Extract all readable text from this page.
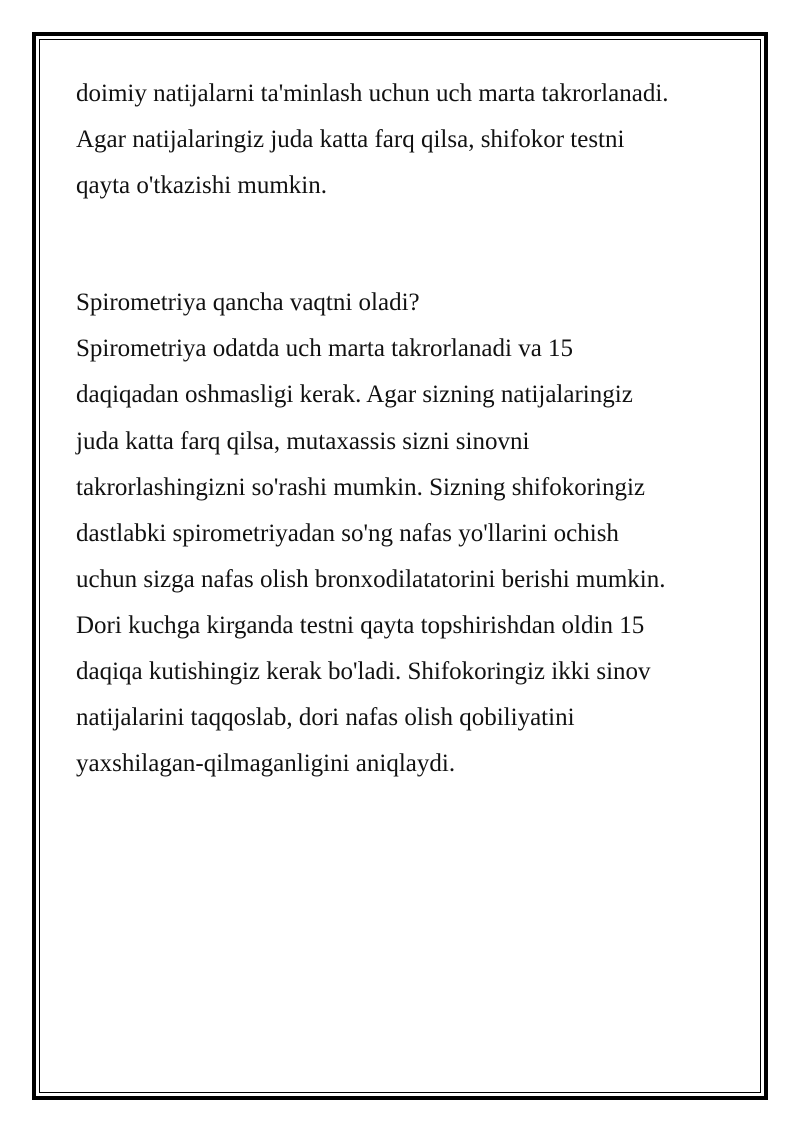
doimiy natijalarni ta'minlash uchun uch marta takrorlanadi.

Agar natijalaringiz juda katta farq qilsa, shifokor testni

qayta o'tkazishi mumkin.

Spirometriya qancha vaqtni oladi?

Spirometriya odatda uch marta takrorlanadi va 15

daqiqadan oshmasligi kerak. Agar sizning natijalaringiz

juda katta farq qilsa, mutaxassis sizni sinovni

takrorlashingizni so'rashi mumkin. Sizning shifokoringiz

dastlabki spirometriyadan so'ng nafas yo'llarini ochish

uchun sizga nafas olish bronxodilatatorini berishi mumkin.

Dori kuchga kirganda testni qayta topshirishdan oldin 15

daqiqa kutishingiz kerak bo'ladi. Shifokoringiz ikki sinov

natijalarini taqqoslab, dori nafas olish qobiliyatini

yaxshilagan-qilmaganligini aniqlaydi.
